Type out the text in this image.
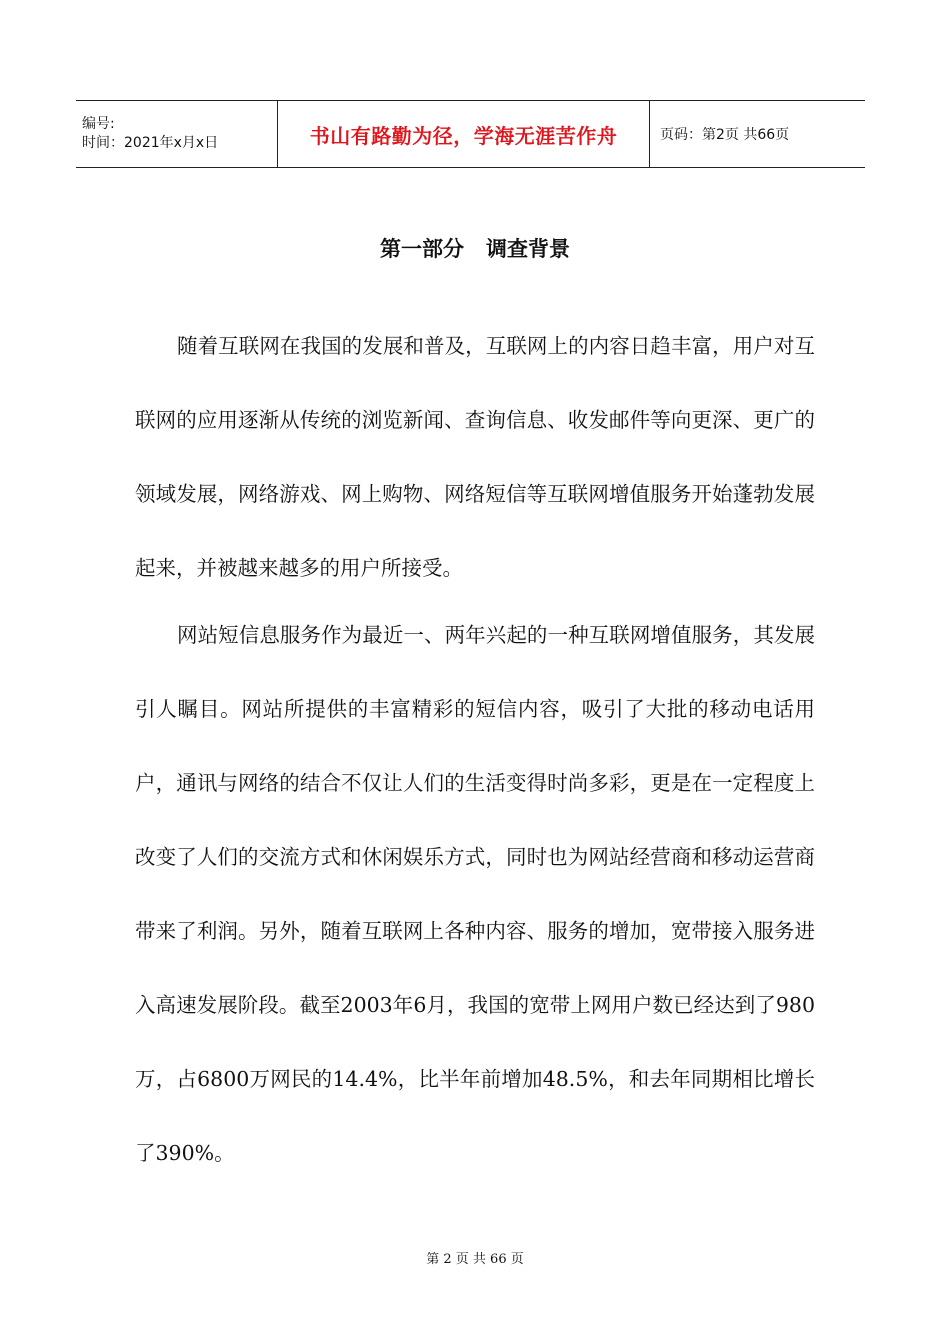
编号:
时间：2021年x月x日	书山有路勤为径，学海无涯苦作舟	页码：第2页 共66页
第一部分   调查背景

随着互联网在我国的发展和普及，互联网上的内容日趋丰富，用户对互联网的应用逐渐从传统的浏览新闻、查询信息、收发邮件等向更深、更广的领域发展，网络游戏、网上购物、网络短信等互联网增值服务开始蓬勃发展起来，并被越来越多的用户所接受。

网站短信息服务作为最近一、两年兴起的一种互联网增值服务，其发展引人瞩目。网站所提供的丰富精彩的短信内容，吸引了大批的移动电话用户，通讯与网络的结合不仅让人们的生活变得时尚多彩，更是在一定程度上改变了人们的交流方式和休闲娱乐方式，同时也为网站经营商和移动运营商带来了利润。另外，随着互联网上各种内容、服务的增加，宽带接入服务进入高速发展阶段。截至2003年6月，我国的宽带上网用户数已经达到了980万，占6800万网民的14.4%，比半年前增加48.5%，和去年同期相比增长了390%。

第 2 页 共 66 页
